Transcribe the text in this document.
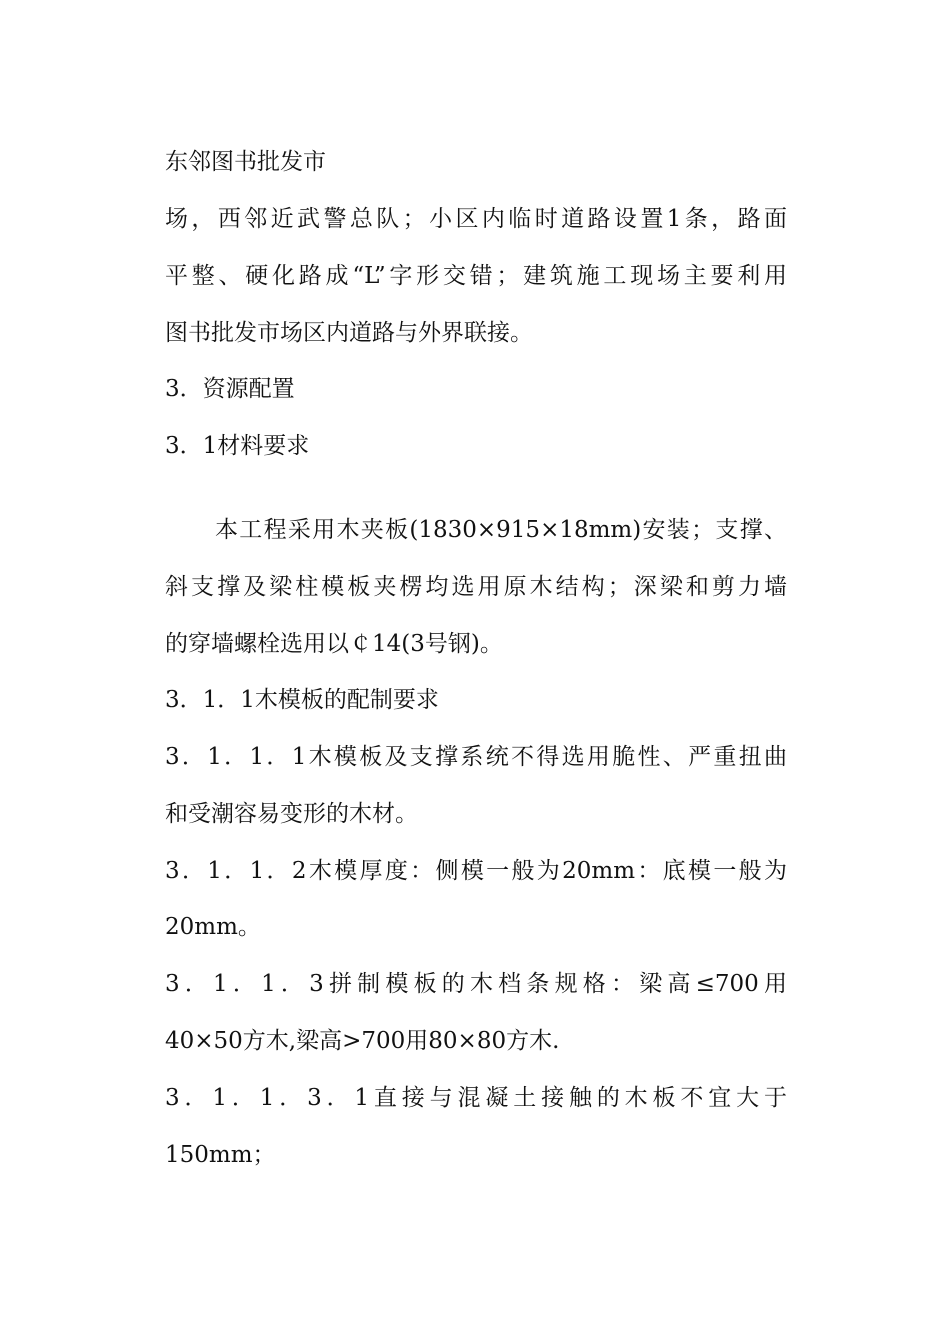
东邻图书批发市
场，西邻近武警总队；小区内临时道路设置1条，路面
平整、硬化路成“L”字形交错；建筑施工现场主要利用
图书批发市场区内道路与外界联接。
3．资源配置
3．1材料要求
本工程采用木夹板(1830×915×18mm)安装；支撑、
斜支撑及梁柱模板夹楞均选用原木结构；深梁和剪力墙
的穿墙螺栓选用以￠14(3号钢)。
3．1．1木模板的配制要求
3．1．1．1木模板及支撑系统不得选用脆性、严重扭曲
和受潮容易变形的木材。
3．1．1．2木模厚度：侧模一般为20mm：底模一般为
20mm。
3．1．1．3拼制模板的木档条规格：梁高≤700用
40×50方木,梁高>700用80×80方木.
3．1．1．3．1直接与混凝土接触的木板不宜大于
150mm；
